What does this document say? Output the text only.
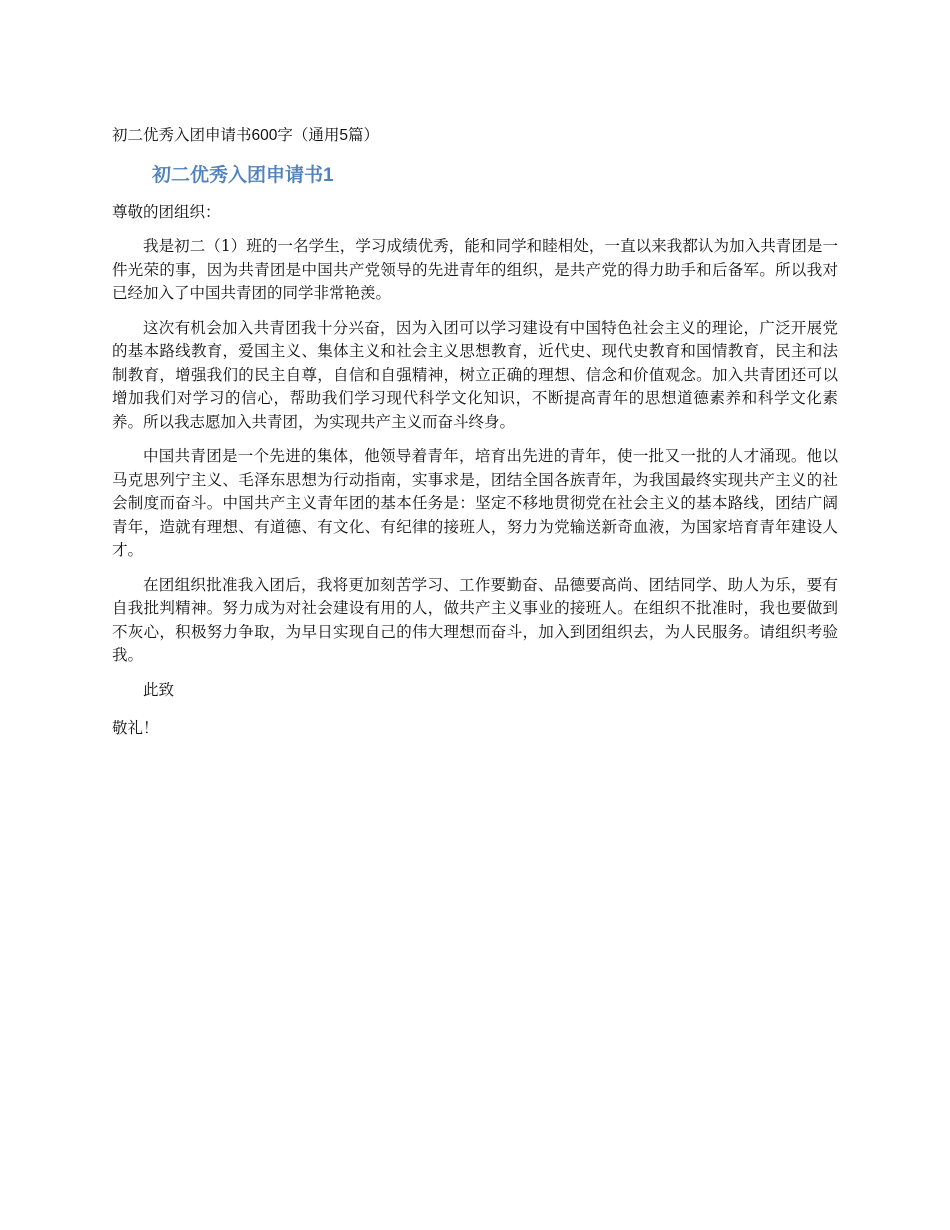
初二优秀入团申请书600字（通用5篇）
初二优秀入团申请书1
尊敬的团组织：

我是初二（1）班的一名学生，学习成绩优秀，能和同学和睦相处，一直以来我都认为加入共青团是一件光荣的事，因为共青团是中国共产党领导的先进青年的组织，是共产党的得力助手和后备军。所以我对已经加入了中国共青团的同学非常艳羡。

这次有机会加入共青团我十分兴奋，因为入团可以学习建设有中国特色社会主义的理论，广泛开展党的基本路线教育，爱国主义、集体主义和社会主义思想教育，近代史、现代史教育和国情教育，民主和法制教育，增强我们的民主自尊，自信和自强精神，树立正确的理想、信念和价值观念。加入共青团还可以增加我们对学习的信心，帮助我们学习现代科学文化知识，不断提高青年的思想道德素养和科学文化素养。所以我志愿加入共青团，为实现共产主义而奋斗终身。

中国共青团是一个先进的集体，他领导着青年，培育出先进的青年，使一批又一批的人才涌现。他以马克思列宁主义、毛泽东思想为行动指南，实事求是，团结全国各族青年，为我国最终实现共产主义的社会制度而奋斗。中国共产主义青年团的基本任务是：坚定不移地贯彻党在社会主义的基本路线，团结广阔青年，造就有理想、有道德、有文化、有纪律的接班人，努力为党输送新奇血液，为国家培育青年建设人才。

在团组织批准我入团后，我将更加刻苦学习、工作要勤奋、品德要高尚、团结同学、助人为乐，要有自我批判精神。努力成为对社会建设有用的人，做共产主义事业的接班人。在组织不批准时，我也要做到不灰心，积极努力争取，为早日实现自己的伟大理想而奋斗，加入到团组织去，为人民服务。请组织考验我。

此致
敬礼！
